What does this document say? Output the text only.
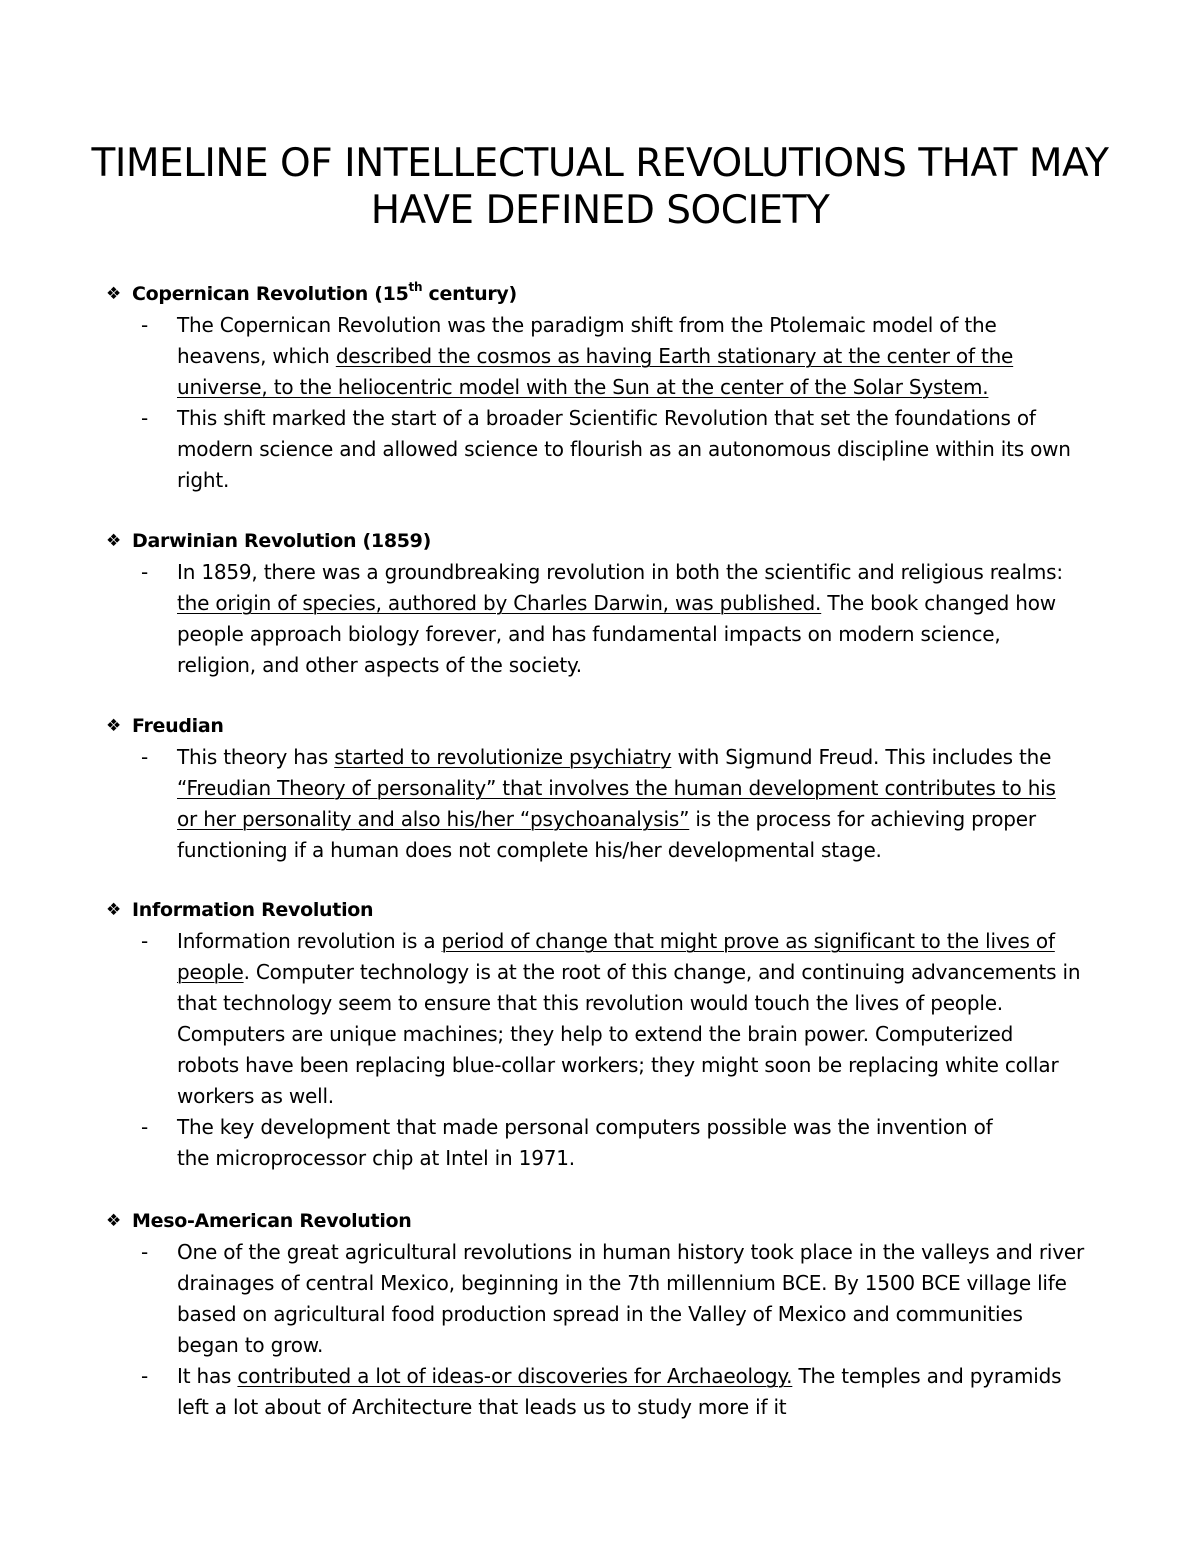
TIMELINE OF INTELLECTUAL REVOLUTIONS THAT MAY
HAVE DEFINED SOCIETY
❖ Copernican Revolution (15th century)
- The Copernican Revolution was the paradigm shift from the Ptolemaic model of the
heavens, which described the cosmos as having Earth stationary at the center of the
universe, to the heliocentric model with the Sun at the center of the Solar System.
- This shift marked the start of a broader Scientific Revolution that set the foundations of
modern science and allowed science to flourish as an autonomous discipline within its own
right.
❖ Darwinian Revolution (1859)
- In 1859, there was a groundbreaking revolution in both the scientific and religious realms:
the origin of species, authored by Charles Darwin, was published. The book changed how
people approach biology forever, and has fundamental impacts on modern science,
religion, and other aspects of the society.
❖ Freudian
- This theory has started to revolutionize psychiatry with Sigmund Freud. This includes the
“Freudian Theory of personality” that involves the human development contributes to his
or her personality and also his/her “psychoanalysis” is the process for achieving proper
functioning if a human does not complete his/her developmental stage.
❖ Information Revolution
- Information revolution is a period of change that might prove as significant to the lives of
people. Computer technology is at the root of this change, and continuing advancements in
that technology seem to ensure that this revolution would touch the lives of people.
Computers are unique machines; they help to extend the brain power. Computerized
robots have been replacing blue-collar workers; they might soon be replacing white collar
workers as well.
- The key development that made personal computers possible was the invention of
the microprocessor chip at Intel in 1971.
❖ Meso-American Revolution
- One of the great agricultural revolutions in human history took place in the valleys and river
drainages of central Mexico, beginning in the 7th millennium BCE. By 1500 BCE village life
based on agricultural food production spread in the Valley of Mexico and communities
began to grow.
- It has contributed a lot of ideas-or discoveries for Archaeology. The temples and pyramids
left a lot about of Architecture that leads us to study more if it
